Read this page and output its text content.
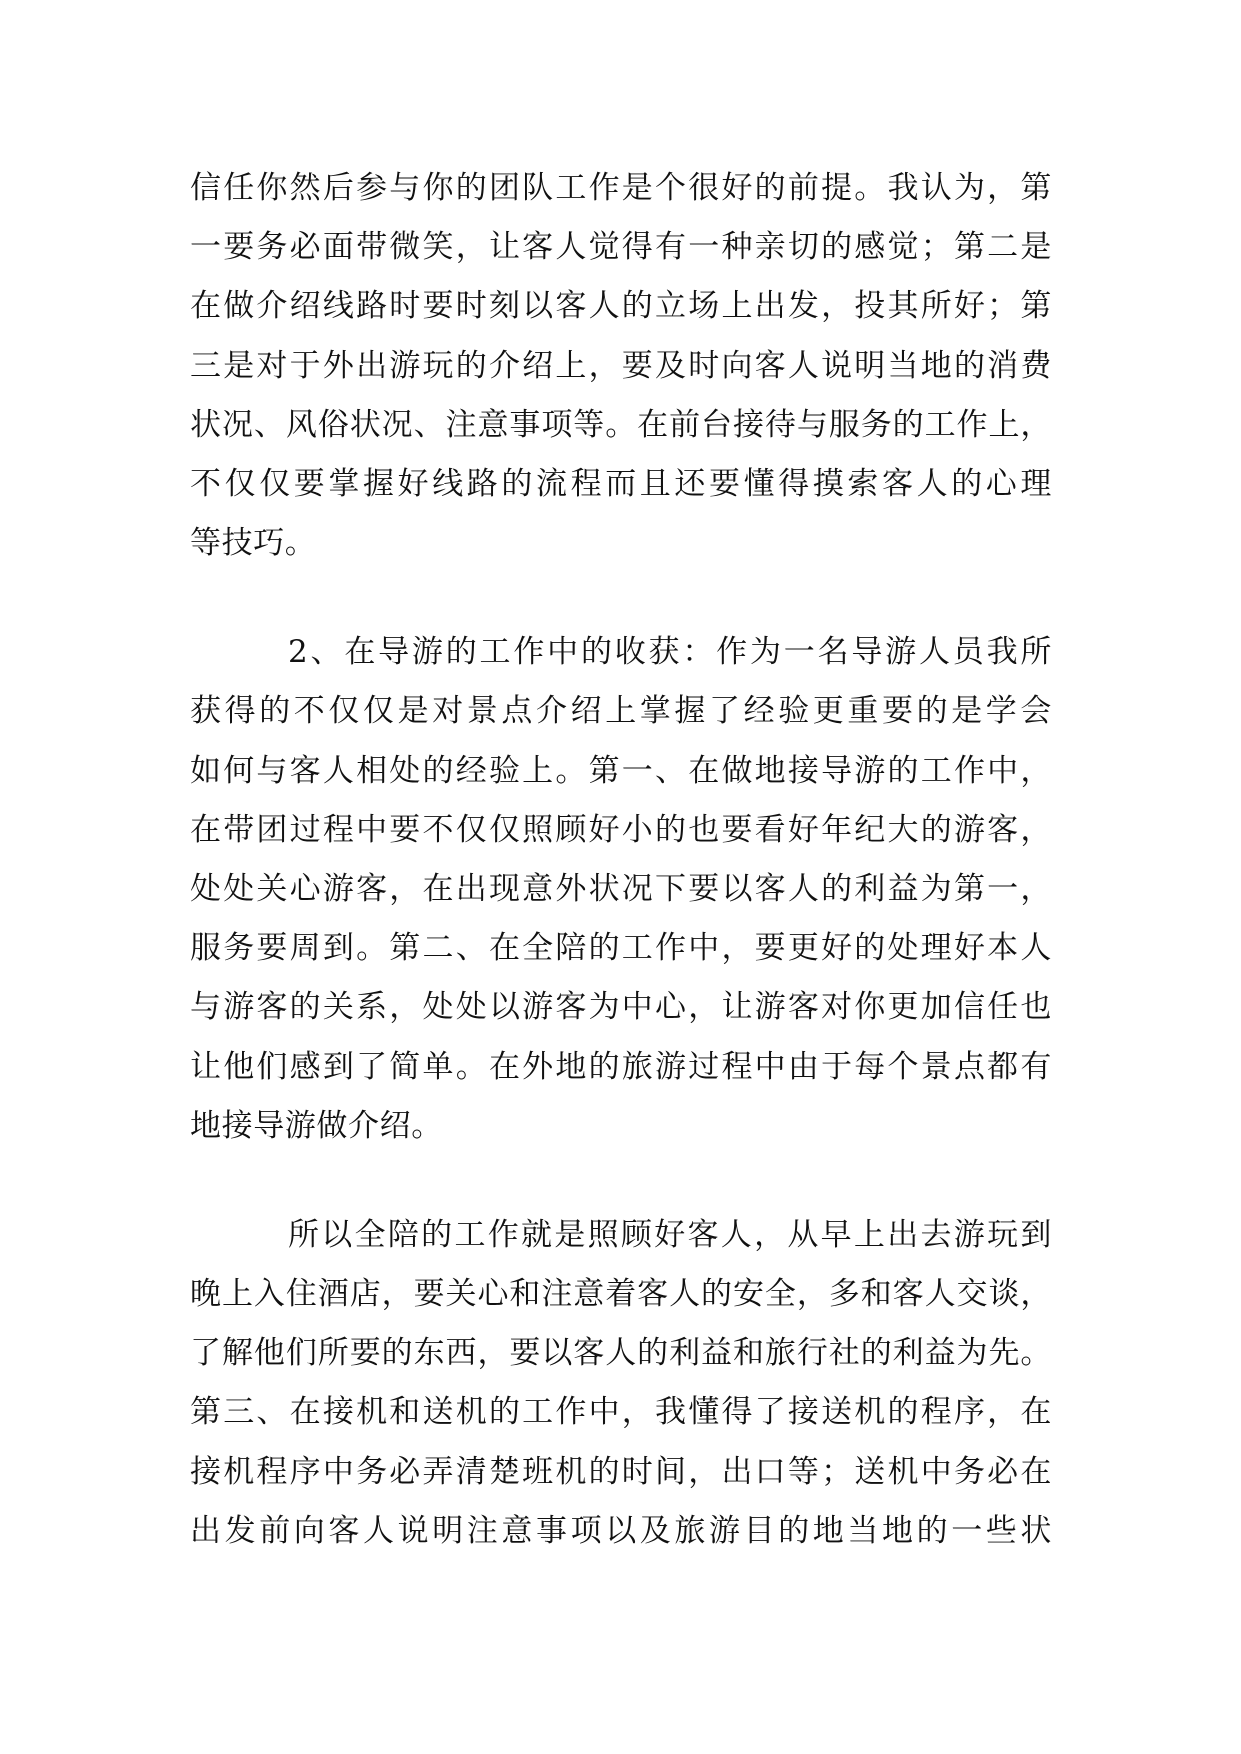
信任你然后参与你的团队工作是个很好的前提。我认为，第
一要务必面带微笑，让客人觉得有一种亲切的感觉；第二是
在做介绍线路时要时刻以客人的立场上出发，投其所好；第
三是对于外出游玩的介绍上，要及时向客人说明当地的消费
状况、风俗状况、注意事项等。在前台接待与服务的工作上，
不仅仅要掌握好线路的流程而且还要懂得摸索客人的心理
等技巧。
2、在导游的工作中的收获：作为一名导游人员我所
获得的不仅仅是对景点介绍上掌握了经验更重要的是学会
如何与客人相处的经验上。第一、在做地接导游的工作中，
在带团过程中要不仅仅照顾好小的也要看好年纪大的游客，
处处关心游客，在出现意外状况下要以客人的利益为第一，
服务要周到。第二、在全陪的工作中，要更好的处理好本人
与游客的关系，处处以游客为中心，让游客对你更加信任也
让他们感到了简单。在外地的旅游过程中由于每个景点都有
地接导游做介绍。
所以全陪的工作就是照顾好客人，从早上出去游玩到
晚上入住酒店，要关心和注意着客人的安全，多和客人交谈，
了解他们所要的东西，要以客人的利益和旅行社的利益为先。
第三、在接机和送机的工作中，我懂得了接送机的程序，在
接机程序中务必弄清楚班机的时间，出口等；送机中务必在
出发前向客人说明注意事项以及旅游目的地当地的一些状
